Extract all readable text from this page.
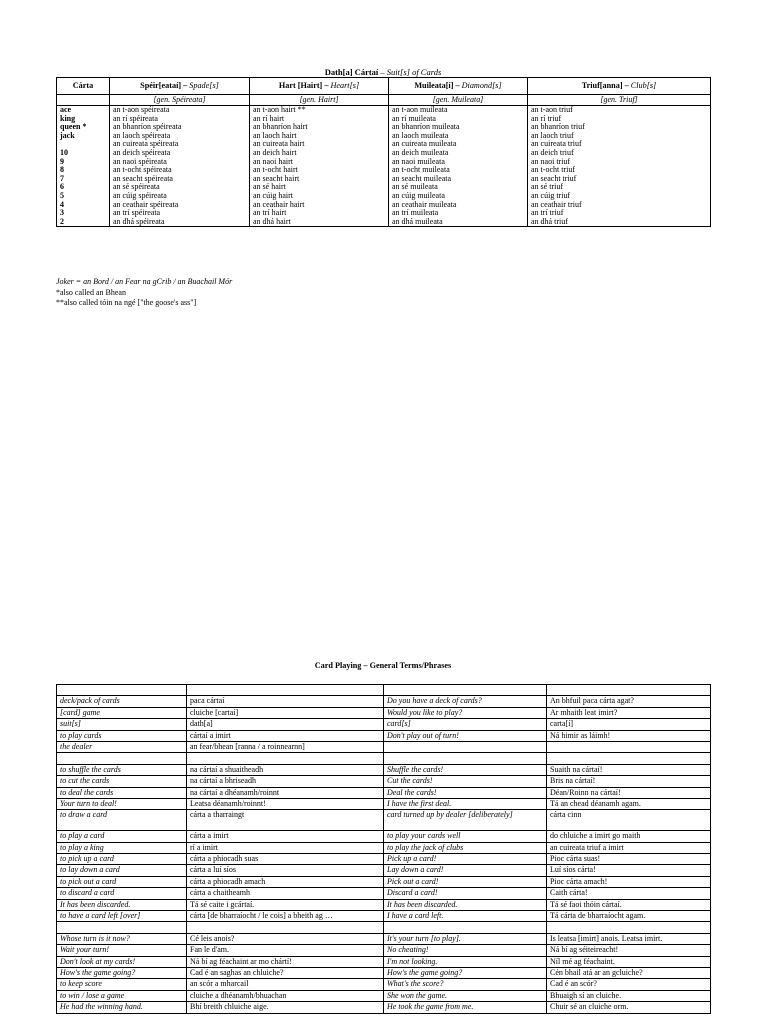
Dath[a] Cártaí – Suit[s] of Cards
Cárta	Spéir[eataí] – Spade[s]	Hart [Hairt] – Heart[s]	Muileata[í] – Diamond[s]	Triuf[anna] – Club[s]
	[gen. Spéireata]	[gen. Hairt]	[gen. Muileata]	[gen. Triuf]
ace	an t-aon spéireata	an t-aon hairt **	an t-aon muileata	an t-aon triuf
king	an rí spéireata	an rí hairt	an rí muileata	an rí triuf
queen *	an bhanríon spéireata	an bhanríon hairt	an bhanríon muileata	an bhanríon triuf
jack	an laoch spéireata	an laoch hairt	an laoch muileata	an laoch triuf
	an cuireata spéireata	an cuireata hairt	an cuireata muileata	an cuireata triuf
10	an deich spéireata	an deich hairt	an deich muileata	an deich triuf
9	an naoi spéireata	an naoi hairt	an naoi muileata	an naoi triuf
8	an t-ocht spéireata	an t-ocht hairt	an t-ocht muileata	an t-ocht triuf
7	an seacht spéireata	an seacht hairt	an seacht muileata	an seacht triuf
6	an sé spéireata	an sé hairt	an sé muileata	an sé triuf
5	an cúig spéireata	an cúig hairt	an cúig muileata	an cúig triuf
4	an ceathair spéireata	an ceathair hairt	an ceathair muileata	an ceathair triuf
3	an trí spéireata	an trí hairt	an trí muileata	an trí triuf
2	an dhá spéireata	an dhá hairt	an dhá muileata	an dhá triuf
Joker = an Bord / an Fear na gCrib / an Buachail Mór
*also called an Bhean
**also called tóin na ngé ["the goose's ass"]
Card Playing – General Terms/Phrases

deck/pack of cards	paca cártaí	Do you have a deck of cards?	An bhfuil paca cárta agat?
[card] game	cluiche [cartaí]	Would you like to play?	Ar mhaith leat imirt?
suit[s]	dath[a]	card[s]	carta[í]
to play cards	cártaí a imirt	Don't play out of turn!	Ná himir as láimh!
the dealer	an fear/bhean [ranna / a roinnearnn]		

to shuffle the cards	na cártaí a shuaitheadh	Shuffle the cards!	Suaith na cártaí!
to cut the cards	na cártaí a bhriseadh	Cut the cards!	Bris na cártaí!
to deal the cards	na cártaí a dhéanamh/roinnt	Deal the cards!	Déan/Roinn na cártaí!
Your turn to deal!	Leatsa déanamh/roinnt!	I have the first deal.	Tá an chead déanamh agam.
to draw a card	cárta a tharraingt	card turned up by dealer [deliberately]	cárta cinn
to play a card	cárta a imirt	to play your cards well	do chluiche a imirt go maith
to play a king	rí a imirt	to play the jack of clubs	an cuireata triuf a imirt
to pick up a card	cárta a phiocadh suas	Pick up a card!	Pioc cárta suas!
to lay down a card	cárta a luí síos	Lay down a card!	Luí síos cárta!
to pick out a card	cárta a phiocadh amach	Pick out a card!	Pioc cárta amach!
to discard a card	cárta a chaitheamh	Discard a card!	Caith cárta!
It has been discarded.	Tá sé caite i gcártaí.	It has been discarded.	Tá sé faoi thóin cártaí.
to have a card left [over]	cárta [de bharraíocht / le cois] a bheith ag …	I have a card left.	Tá cárta de bharraíocht agam.

Whose turn is it now?	Cé leis anois?	It's your turn [to play].	Is leatsa [imirt] anois. Leatsa imirt.
Wait your turn!	Fan le d'am.	No cheating!	Ná bí ag séiteireacht!
Don't look at my cards!	Ná bí ag féachaint ar mo chártí!	I'm not looking.	Níl mé ag féachaint.
How's the game going?	Cad é an saghas an chluiche?	How's the game going?	Cén bhail atá ar an gcluiche?
to keep score	an scór a mharcail	What's the score?	Cad é an scór?
to win / lose a game	cluiche a dhéanamh/bhuachan	She won the game.	Bhuaigh sí an cluiche.
He had the winning hand.	Bhí breith chluiche aige.	He took the game from me.	Chuir sé an cluiche orm.
